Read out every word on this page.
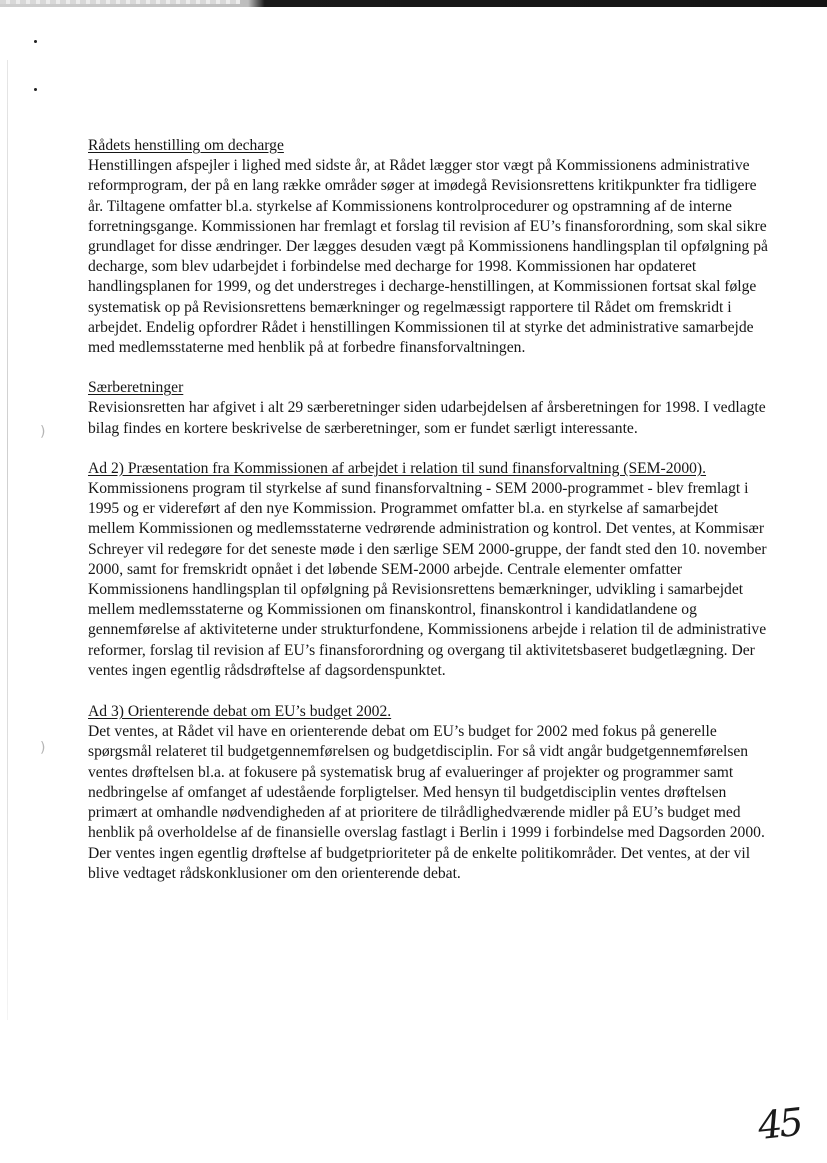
)
)
Rådets henstilling om decharge

Henstillingen afspejler i lighed med sidste år, at Rådet lægger stor vægt på Kommissionens administrative reformprogram, der på en lang række områder søger at imødegå Revisionsrettens kritikpunkter fra tidligere år. Tiltagene omfatter bl.a. styrkelse af Kommissionens kontrolprocedurer og opstramning af de interne forretningsgange. Kommissionen har fremlagt et forslag til revision af EU’s finansforordning, som skal sikre grundlaget for disse ændringer. Der lægges desuden vægt på Kommissionens handlingsplan til opfølgning på decharge, som blev udarbejdet i forbindelse med decharge for 1998. Kommissionen har opdateret handlingsplanen for 1999, og det understreges i decharge-henstillingen, at Kommissionen fortsat skal følge systematisk op på Revisionsrettens bemærkninger og regelmæssigt rapportere til Rådet om fremskridt i arbejdet. Endelig opfordrer Rådet i henstillingen Kommissionen til at styrke det administrative samarbejde med medlemsstaterne med henblik på at forbedre finansforvaltningen.

Særberetninger

Revisionsretten har afgivet i alt 29 særberetninger siden udarbejdelsen af årsberetningen for 1998. I vedlagte bilag findes en kortere beskrivelse de særberetninger, som er fundet særligt interessante.

Ad 2) Præsentation fra Kommissionen af arbejdet i relation til sund finansforvaltning (SEM-2000).

Kommissionens program til styrkelse af sund finansforvaltning - SEM 2000-programmet - blev fremlagt i 1995 og er videreført af den nye Kommission. Programmet omfatter bl.a. en styrkelse af samarbejdet mellem Kommissionen og medlemsstaterne vedrørende administration og kontrol. Det ventes, at Kommisær Schreyer vil redegøre for det seneste møde i den særlige SEM 2000-gruppe, der fandt sted den 10. november 2000, samt for fremskridt opnået i det løbende SEM-2000 arbejde. Centrale elementer omfatter Kommissionens handlingsplan til opfølgning på Revisionsrettens bemærkninger, udvikling i samarbejdet mellem medlemsstaterne og Kommissionen om finanskontrol, finanskontrol i kandidatlandene og gennemførelse af aktiviteterne under strukturfondene, Kommissionens arbejde i relation til de administrative reformer, forslag til revision af EU’s finansforordning og overgang til aktivitetsbaseret budgetlægning. Der ventes ingen egentlig rådsdrøftelse af dagsordenspunktet.

Ad 3) Orienterende debat om EU’s budget 2002.

Det ventes, at Rådet vil have en orienterende debat om EU’s budget for 2002 med fokus på generelle spørgsmål relateret til budgetgennemførelsen og budgetdisciplin. For så vidt angår budgetgennemførelsen ventes drøftelsen bl.a. at fokusere på systematisk brug af evalueringer af projekter og programmer samt nedbringelse af omfanget af udestående forpligtelser. Med hensyn til budgetdisciplin ventes drøftelsen primært at omhandle nødvendigheden af at prioritere de tilrådlighedværende midler på EU’s budget med henblik på overholdelse af de finansielle overslag fastlagt i Berlin i 1999 i forbindelse med Dagsorden 2000. Der ventes ingen egentlig drøftelse af budgetprioriteter på de enkelte politikområder. Det ventes, at der vil blive vedtaget rådskonklusioner om den orienterende debat.

45
